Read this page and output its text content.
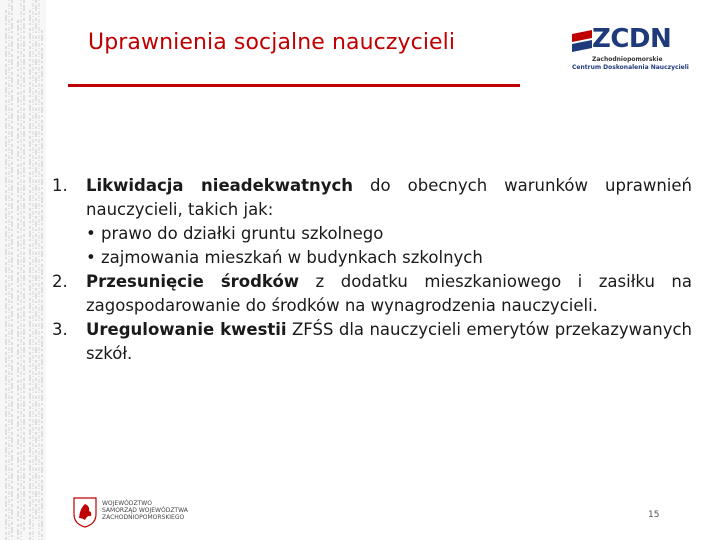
Uprawnienia socjalne nauczycieli	ZCDN
Zachodniopomorskie
Centrum Doskonalenia Nauczycieli
1. Likwidacja nieadekwatnych do obecnych warunków uprawnień nauczycieli, takich jak:
• prawo do działki gruntu szkolnego
• zajmowania mieszkań w budynkach szkolnych
2. Przesunięcie środków z dodatku mieszkaniowego i zasiłku na zagospodarowanie do środków na wynagrodzenia nauczycieli.
3. Uregulowanie kwestii ZFŚS dla nauczycieli emerytów przekazywanych szkół.
WOJEWÓDZTWO
SAMORZĄD WOJEWÓDZTWA
ZACHODNIOPOMORSKIEGO	15
